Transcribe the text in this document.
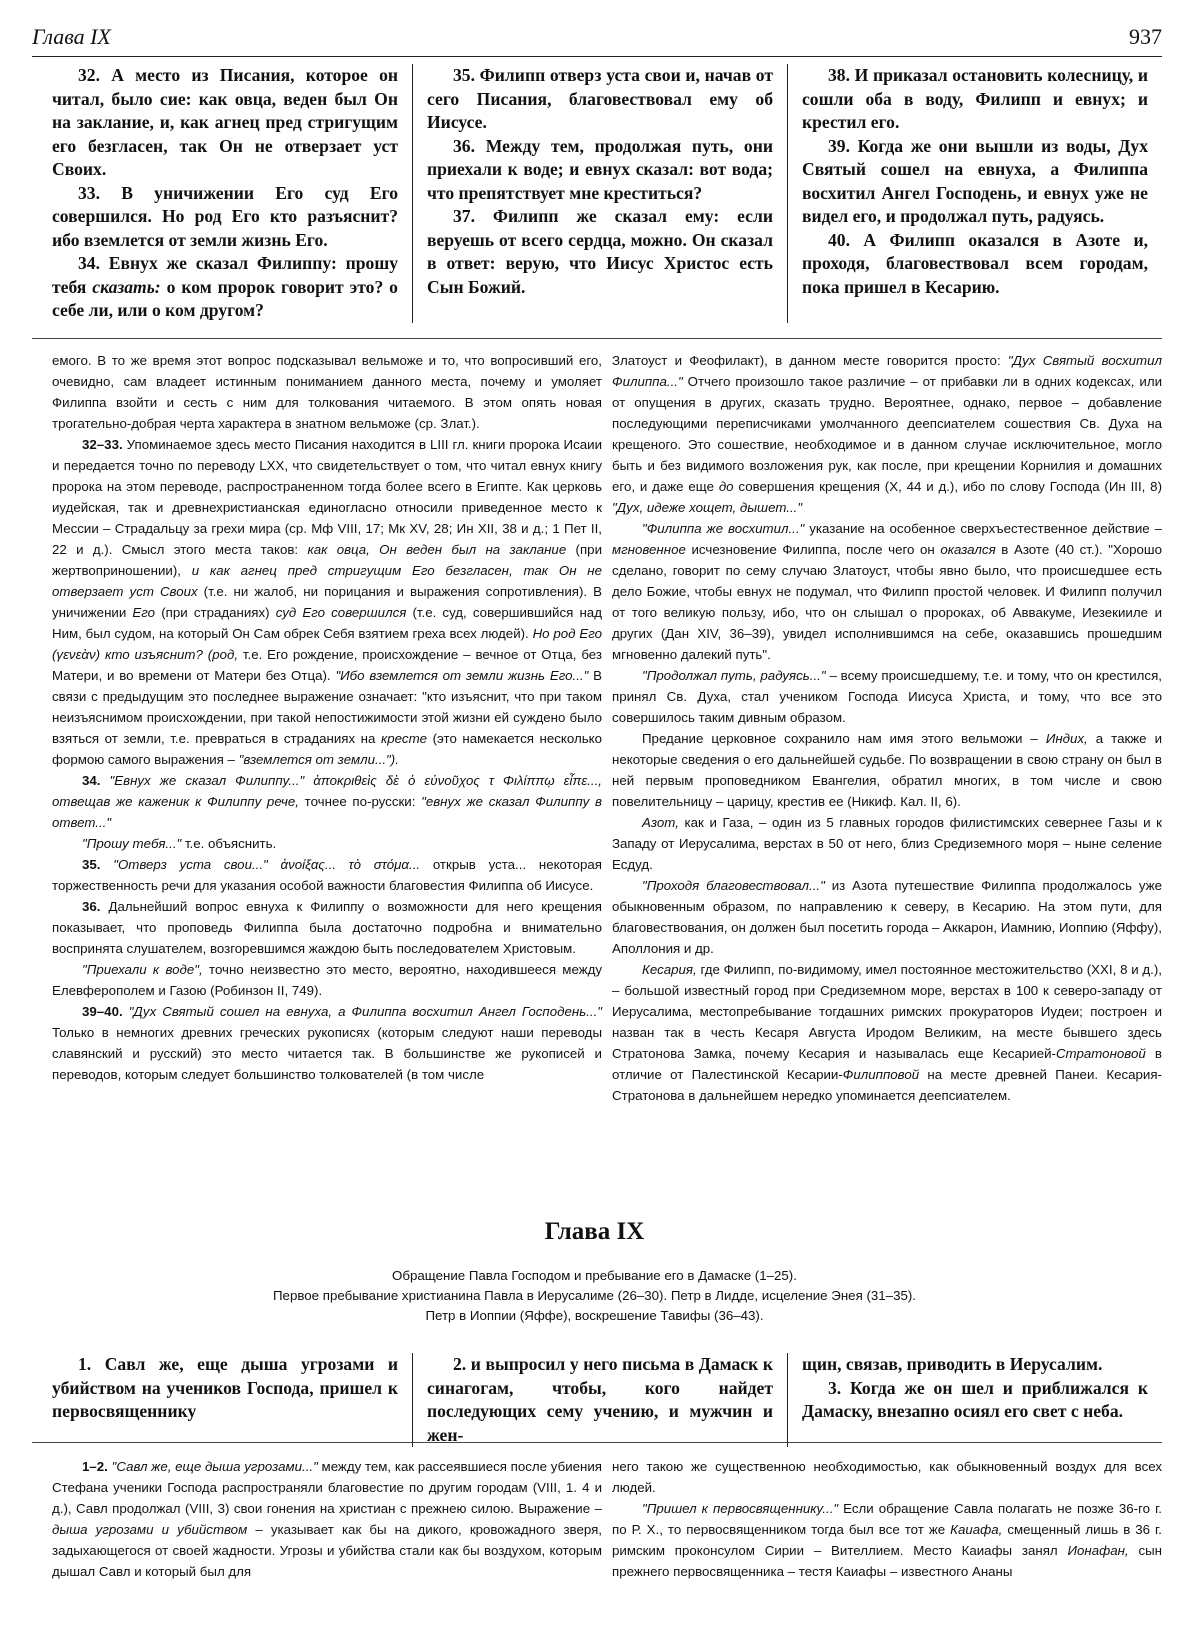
Глава IX	937

32. А место из Писания, которое он читал, было сие: как овца, веден был Он на заклание, и, как агнец пред стригущим его безгласен, так Он не отверзает уст Своих.

33. В уничижении Его суд Его совершился. Но род Его кто разъяснит? ибо вземлется от земли жизнь Его.

34. Евнух же сказал Филиппу: прошу тебя сказать: о ком пророк говорит это? о себе ли, или о ком другом?

35. Филипп отверз уста свои и, начав от сего Писания, благовествовал ему об Иисусе.

36. Между тем, продолжая путь, они приехали к воде; и евнух сказал: вот вода; что препятствует мне креститься?

37. Филипп же сказал ему: если веруешь от всего сердца, можно. Он сказал в ответ: верую, что Иисус Христос есть Сын Божий.

38. И приказал остановить колесницу, и сошли оба в воду, Филипп и евнух; и крестил его.

39. Когда же они вышли из воды, Дух Святый сошел на евнуха, а Филиппа восхитил Ангел Господень, и евнух уже не видел его, и продолжал путь, радуясь.

40. А Филипп оказался в Азоте и, проходя, благовествовал всем городам, пока пришел в Кесарию.

емого. В то же время этот вопрос подсказывал вельможе и то, что вопросивший его, очевидно, сам владеет истинным пониманием данного места, почему и умоляет Филиппа взойти и сесть с ним для толкования читаемого. В этом опять новая трогательно-добрая черта характера в знатном вельможе (ср. Злат.).

32–33. Упоминаемое здесь место Писания находится в LIII гл. книги пророка Исаии и передается точно по переводу LXX, что свидетельствует о том, что читал евнух книгу пророка на этом переводе, распространенном тогда более всего в Египте. Как церковь иудейская, так и древнехристианская единогласно относили приведенное место к Мессии – Страдальцу за грехи мира (ср. Мф VIII, 17; Мк XV, 28; Ин XII, 38 и д.; 1 Пет II, 22 и д.). Смысл этого места таков: как овца, Он веден был на заклание (при жертвоприношении), и как агнец пред стригущим Его безгласен, так Он не отверзает уст Своих (т.е. ни жалоб, ни порицания и выражения сопротивления). В уничижении Его (при страданиях) суд Его совершился (т.е. суд, совершившийся над Ним, был судом, на который Он Сам обрек Себя взятием греха всех людей). Но род Его (γενεὰν) кто изъяснит? (род, т.е. Его рождение, происхождение – вечное от Отца, без Матери, и во времени от Матери без Отца). "Ибо вземлется от земли жизнь Его..." В связи с предыдущим это последнее выражение означает: "кто изъяснит, что при таком неизъяснимом происхождении, при такой непостижимости этой жизни ей суждено было взяться от земли, т.е. превраться в страданиях на кресте (это намекается несколько формою самого выражения – "вземлется от земли...").

34. "Евнух же сказал Филиппу..." ἀποκριθεὶς δὲ ὁ εὐνοῦχος τ Φιλίππῳ εἶπε..., отвещав же каженик к Филиппу рече, точнее по-русски: "евнух же сказал Филиппу в ответ..."

"Прошу тебя..." т.е. объяснить.

35. "Отверз уста свои..." ἀνοίξας... τὸ στόμα... открыв уста... некоторая торжественность речи для указания особой важности благовестия Филиппа об Иисусе.

36. Дальнейший вопрос евнуха к Филиппу о возможности для него крещения показывает, что проповедь Филиппа была достаточно подробна и внимательно воспринята слушателем, возгоревшимся жаждою быть последователем Христовым.

"Приехали к воде", точно неизвестно это место, вероятно, находившееся между Елевферополем и Газою (Робинзон II, 749).

39–40. "Дух Святый сошел на евнуха, а Филиппа восхитил Ангел Господень..." Только в немногих древних греческих рукописях (которым следуют наши переводы славянский и русский) это место читается так. В большинстве же рукописей и переводов, которым следует большинство толкователей (в том числе

Златоуст и Феофилакт), в данном месте говорится просто: "Дух Святый восхитил Филиппа..." Отчего произошло такое различие – от прибавки ли в одних кодексах, или от опущения в других, сказать трудно. Вероятнее, однако, первое – добавление последующими переписчиками умолчанного деепсиателем сошествия Св. Духа на крещеного. Это сошествие, необходимое и в данном случае исключительное, могло быть и без видимого возложения рук, как после, при крещении Корнилия и домашних его, и даже еще до совершения крещения (X, 44 и д.), ибо по слову Господа (Ин III, 8) "Дух, идеже хощет, дышет..."

"Филиппа же восхитил..." указание на особенное сверхъестественное действие – мгновенное исчезновение Филиппа, после чего он оказался в Азоте (40 ст.). "Хорошо сделано, говорит по сему случаю Златоуст, чтобы явно было, что происшедшее есть дело Божие, чтобы евнух не подумал, что Филипп простой человек. И Филипп получил от того великую пользу, ибо, что он слышал о пророках, об Аввакуме, Иезекииле и других (Дан XIV, 36–39), увидел исполнившимся на себе, оказавшись прошедшим мгновенно далекий путь".

"Продолжал путь, радуясь..." – всему происшедшему, т.е. и тому, что он крестился, принял Св. Духа, стал учеником Господа Иисуса Христа, и тому, что все это совершилось таким дивным образом.

Предание церковное сохранило нам имя этого вельможи – Индих, а также и некоторые сведения о его дальнейшей судьбе. По возвращении в свою страну он был в ней первым проповедником Евангелия, обратил многих, в том числе и свою повелительницу – царицу, крестив ее (Никиф. Кал. II, 6).

Азот, как и Газа, – один из 5 главных городов филистимских севернее Газы и к Западу от Иерусалима, верстах в 50 от него, близ Средиземного моря – ныне селение Есдуд.

"Проходя благовествовал..." из Азота путешествие Филиппа продолжалось уже обыкновенным образом, по направлению к северу, в Кесарию. На этом пути, для благовествования, он должен был посетить города – Аккарон, Иамнию, Иоппию (Яффу), Аполлония и др.

Кесария, где Филипп, по-видимому, имел постоянное местожительство (XXI, 8 и д.), – большой известный город при Средиземном море, верстах в 100 к северо-западу от Иерусалима, местопребывание тогдашних римских прокураторов Иудеи; построен и назван так в честь Кесаря Августа Иродом Великим, на месте бывшего здесь Стратонова Замка, почему Кесария и называлась еще Кесарией-Стратоновой в отличие от Палестинской Кесарии-Филипповой на месте древней Панеи. Кесария-Стратонова в дальнейшем нередко упоминается деепсиателем.

Глава IX
Обращение Павла Господом и пребывание его в Дамаске (1–25).
Первое пребывание христианина Павла в Иерусалиме (26–30). Петр в Лидде, исцеление Энея (31–35).
Петр в Иоппии (Яффе), воскрешение Тавифы (36–43).

1. Савл же, еще дыша угрозами и убийством на учеников Господа, пришел к первосвященнику

2. и выпросил у него письма в Дамаск к синагогам, чтобы, кого найдет последующих сему учению, и мужчин и жен-

щин, связав, приводить в Иерусалим.

3. Когда же он шел и приближался к Дамаску, внезапно осиял его свет с неба.

1–2. "Савл же, еще дыша угрозами..." между тем, как рассеявшиеся после убиения Стефана ученики Господа распространяли благовестие по другим городам (VIII, 1. 4 и д.), Савл продолжал (VIII, 3) свои гонения на христиан с прежнею силою. Выражение – дыша угрозами и убийством – указывает как бы на дикого, кровожадного зверя, задыхающегося от своей жадности. Угрозы и убийства стали как бы воздухом, которым дышал Савл и который был для

него такою же существенною необходимостью, как обыкновенный воздух для всех людей.

"Пришел к первосвященнику..." Если обращение Савла полагать не позже 36-го г. по Р. Х., то первосвященником тогда был все тот же Каиафа, смещенный лишь в 36 г. римским проконсулом Сирии – Вителлием. Место Каиафы занял Ионафан, сын прежнего первосвященника – тестя Каиафы – известного Ананы
